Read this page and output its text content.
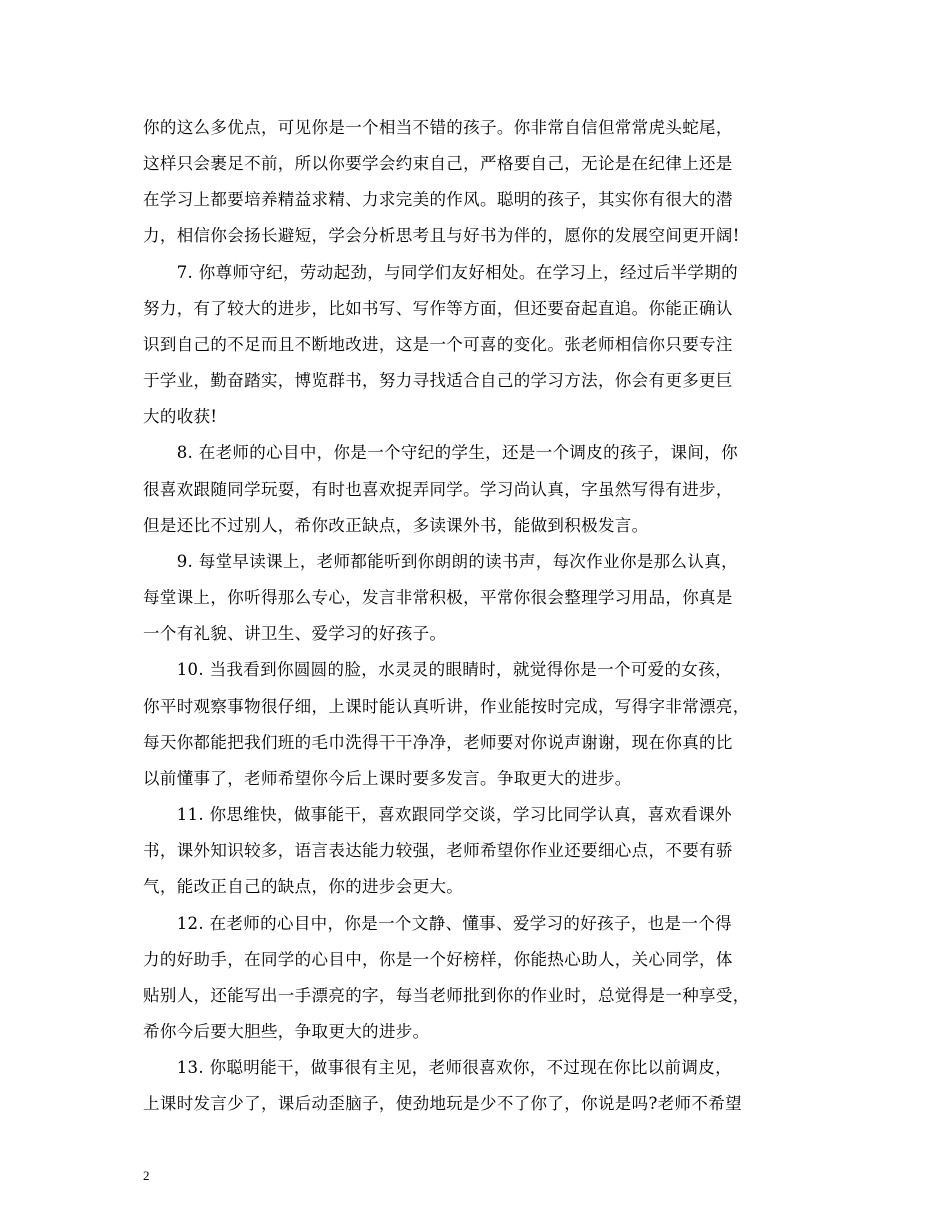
你的这么多优点，可见你是一个相当不错的孩子。你非常自信但常常虎头蛇尾，
这样只会裹足不前，所以你要学会约束自己，严格要自己，无论是在纪律上还是
在学习上都要培养精益求精、力求完美的作风。聪明的孩子，其实你有很大的潜
力，相信你会扬长避短，学会分析思考且与好书为伴的，愿你的发展空间更开阔!
　　7. 你尊师守纪，劳动起劲，与同学们友好相处。在学习上，经过后半学期的
努力，有了较大的进步，比如书写、写作等方面，但还要奋起直追。你能正确认
识到自己的不足而且不断地改进，这是一个可喜的变化。张老师相信你只要专注
于学业，勤奋踏实，博览群书，努力寻找适合自己的学习方法，你会有更多更巨
大的收获!
　　8. 在老师的心目中，你是一个守纪的学生，还是一个调皮的孩子，课间，你
很喜欢跟随同学玩耍，有时也喜欢捉弄同学。学习尚认真，字虽然写得有进步，
但是还比不过别人，希你改正缺点，多读课外书，能做到积极发言。
　　9. 每堂早读课上，老师都能听到你朗朗的读书声，每次作业你是那么认真，
每堂课上，你听得那么专心，发言非常积极，平常你很会整理学习用品，你真是
一个有礼貌、讲卫生、爱学习的好孩子。
　　10. 当我看到你圆圆的脸，水灵灵的眼睛时，就觉得你是一个可爱的女孩，
你平时观察事物很仔细，上课时能认真听讲，作业能按时完成，写得字非常漂亮，
每天你都能把我们班的毛巾洗得干干净净，老师要对你说声谢谢，现在你真的比
以前懂事了，老师希望你今后上课时要多发言。争取更大的进步。
　　11. 你思维快，做事能干，喜欢跟同学交谈，学习比同学认真，喜欢看课外
书，课外知识较多，语言表达能力较强，老师希望你作业还要细心点，不要有骄
气，能改正自己的缺点，你的进步会更大。
　　12. 在老师的心目中，你是一个文静、懂事、爱学习的好孩子，也是一个得
力的好助手，在同学的心目中，你是一个好榜样，你能热心助人，关心同学，体
贴别人，还能写出一手漂亮的字，每当老师批到你的作业时，总觉得是一种享受，
希你今后要大胆些，争取更大的进步。
　　13. 你聪明能干，做事很有主见，老师很喜欢你，不过现在你比以前调皮，
上课时发言少了，课后动歪脑子，使劲地玩是少不了你了，你说是吗?老师不希望
2
